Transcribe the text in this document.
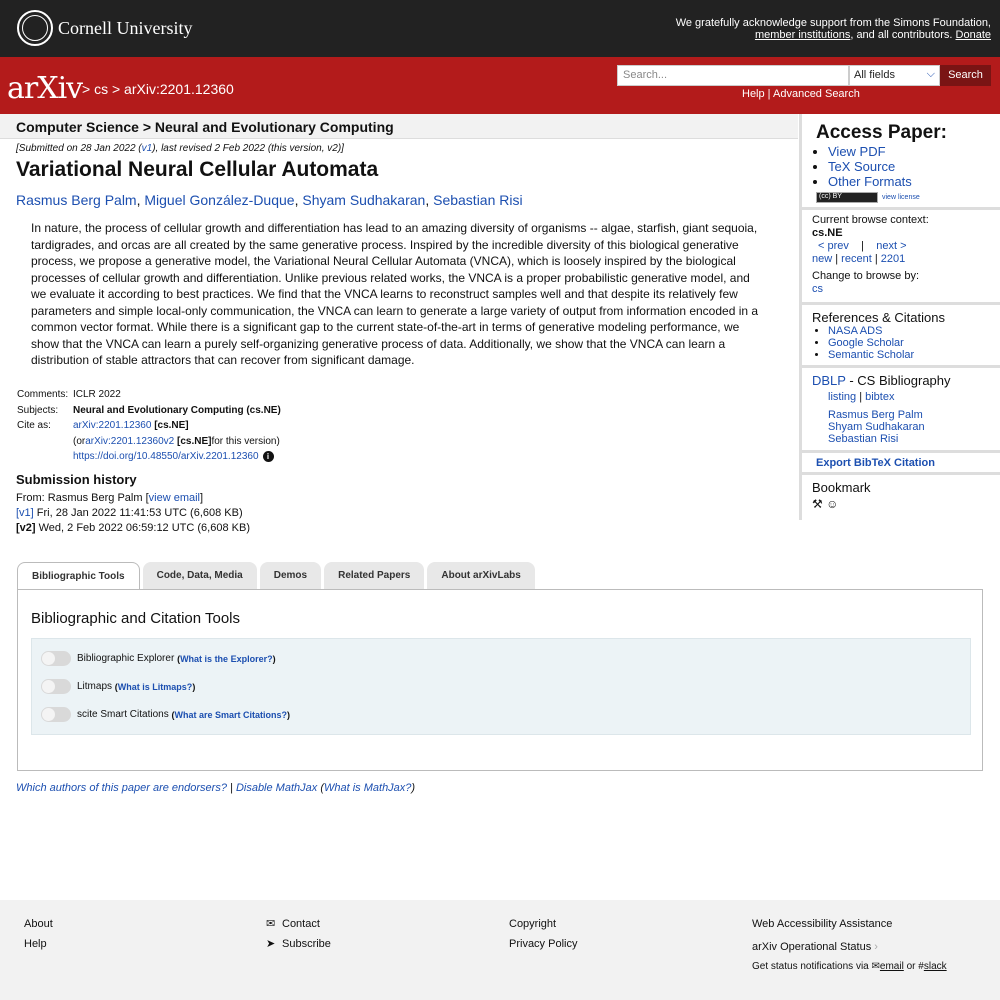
Cornell University	We gratefully acknowledge support from the Simons Foundation,
member institutions, and all contributors. Donate
arXiv > cs > arXiv:2201.12360
Search...	All fields	⌵	Search
Help | Advanced Search
Computer Science > Neural and Evolutionary Computing
[Submitted on 28 Jan 2022 (v1), last revised 2 Feb 2022 (this version, v2)]
Variational Neural Cellular Automata
Rasmus Berg Palm, Miguel González-Duque, Shyam Sudhakaran, Sebastian Risi
In nature, the process of cellular growth and differentiation has lead to an amazing diversity of organisms -- algae, starfish, giant sequoia, tardigrades, and orcas are all created by the same generative process. Inspired by the incredible diversity of this biological generative process, we propose a generative model, the Variational Neural Cellular Automata (VNCA), which is loosely inspired by the biological processes of cellular growth and differentiation. Unlike previous related works, the VNCA is a proper probabilistic generative model, and we evaluate it according to best practices. We find that the VNCA learns to reconstruct samples well and that despite its relatively few parameters and simple local-only communication, the VNCA can learn to generate a large variety of output from information encoded in a common vector format. While there is a significant gap to the current state-of-the-art in terms of generative modeling performance, we show that the VNCA can learn a purely self-organizing generative process of data. Additionally, we show that the VNCA can learn a distribution of stable attractors that can recover from significant damage.
Comments: ICLR 2022
Subjects:	Neural and Evolutionary Computing (cs.NE)
Cite as:	arXiv:2201.12360
[cs.NE]
(or arXiv:2201.12360v2
[cs.NE] for this version)
https://doi.org/10.48550/arXiv.2201.12360	i
Submission history
From: Rasmus Berg Palm [view email]
[v1] Fri, 28 Jan 2022 11:41:53 UTC (6,608 KB)
[v2] Wed, 2 Feb 2022 06:59:12 UTC (6,608 KB)
Access Paper:
• View PDF
• TeX Source
• Other Formats
(cc) BY	view license
Current browse context:
cs.NE
< prev | next >
new | recent | 2201
Change to browse by:
cs
References & Citations
• NASA ADS
• Google Scholar
• Semantic Scholar
DBLP - CS Bibliography
listing | bibtex
Rasmus Berg Palm
Shyam Sudhakaran
Sebastian Risi
Export BibTeX Citation
Bookmark
⚒ ☺
Bibliographic Tools	Code, Data, Media	Demos	Related Papers	About arXivLabs
Bibliographic and Citation Tools
Bibliographic Explorer
(What is the Explorer?)
Litmaps
(What is Litmaps?)
scite Smart Citations
(What are Smart Citations?)
Which authors of this paper are endorsers? | Disable MathJax (What is MathJax?)
About
Help
✉ Contact
➤ Subscribe
Copyright
Privacy Policy
Web Accessibility Assistance
arXiv Operational Status ›
Get status notifications via ✉email or #slack
